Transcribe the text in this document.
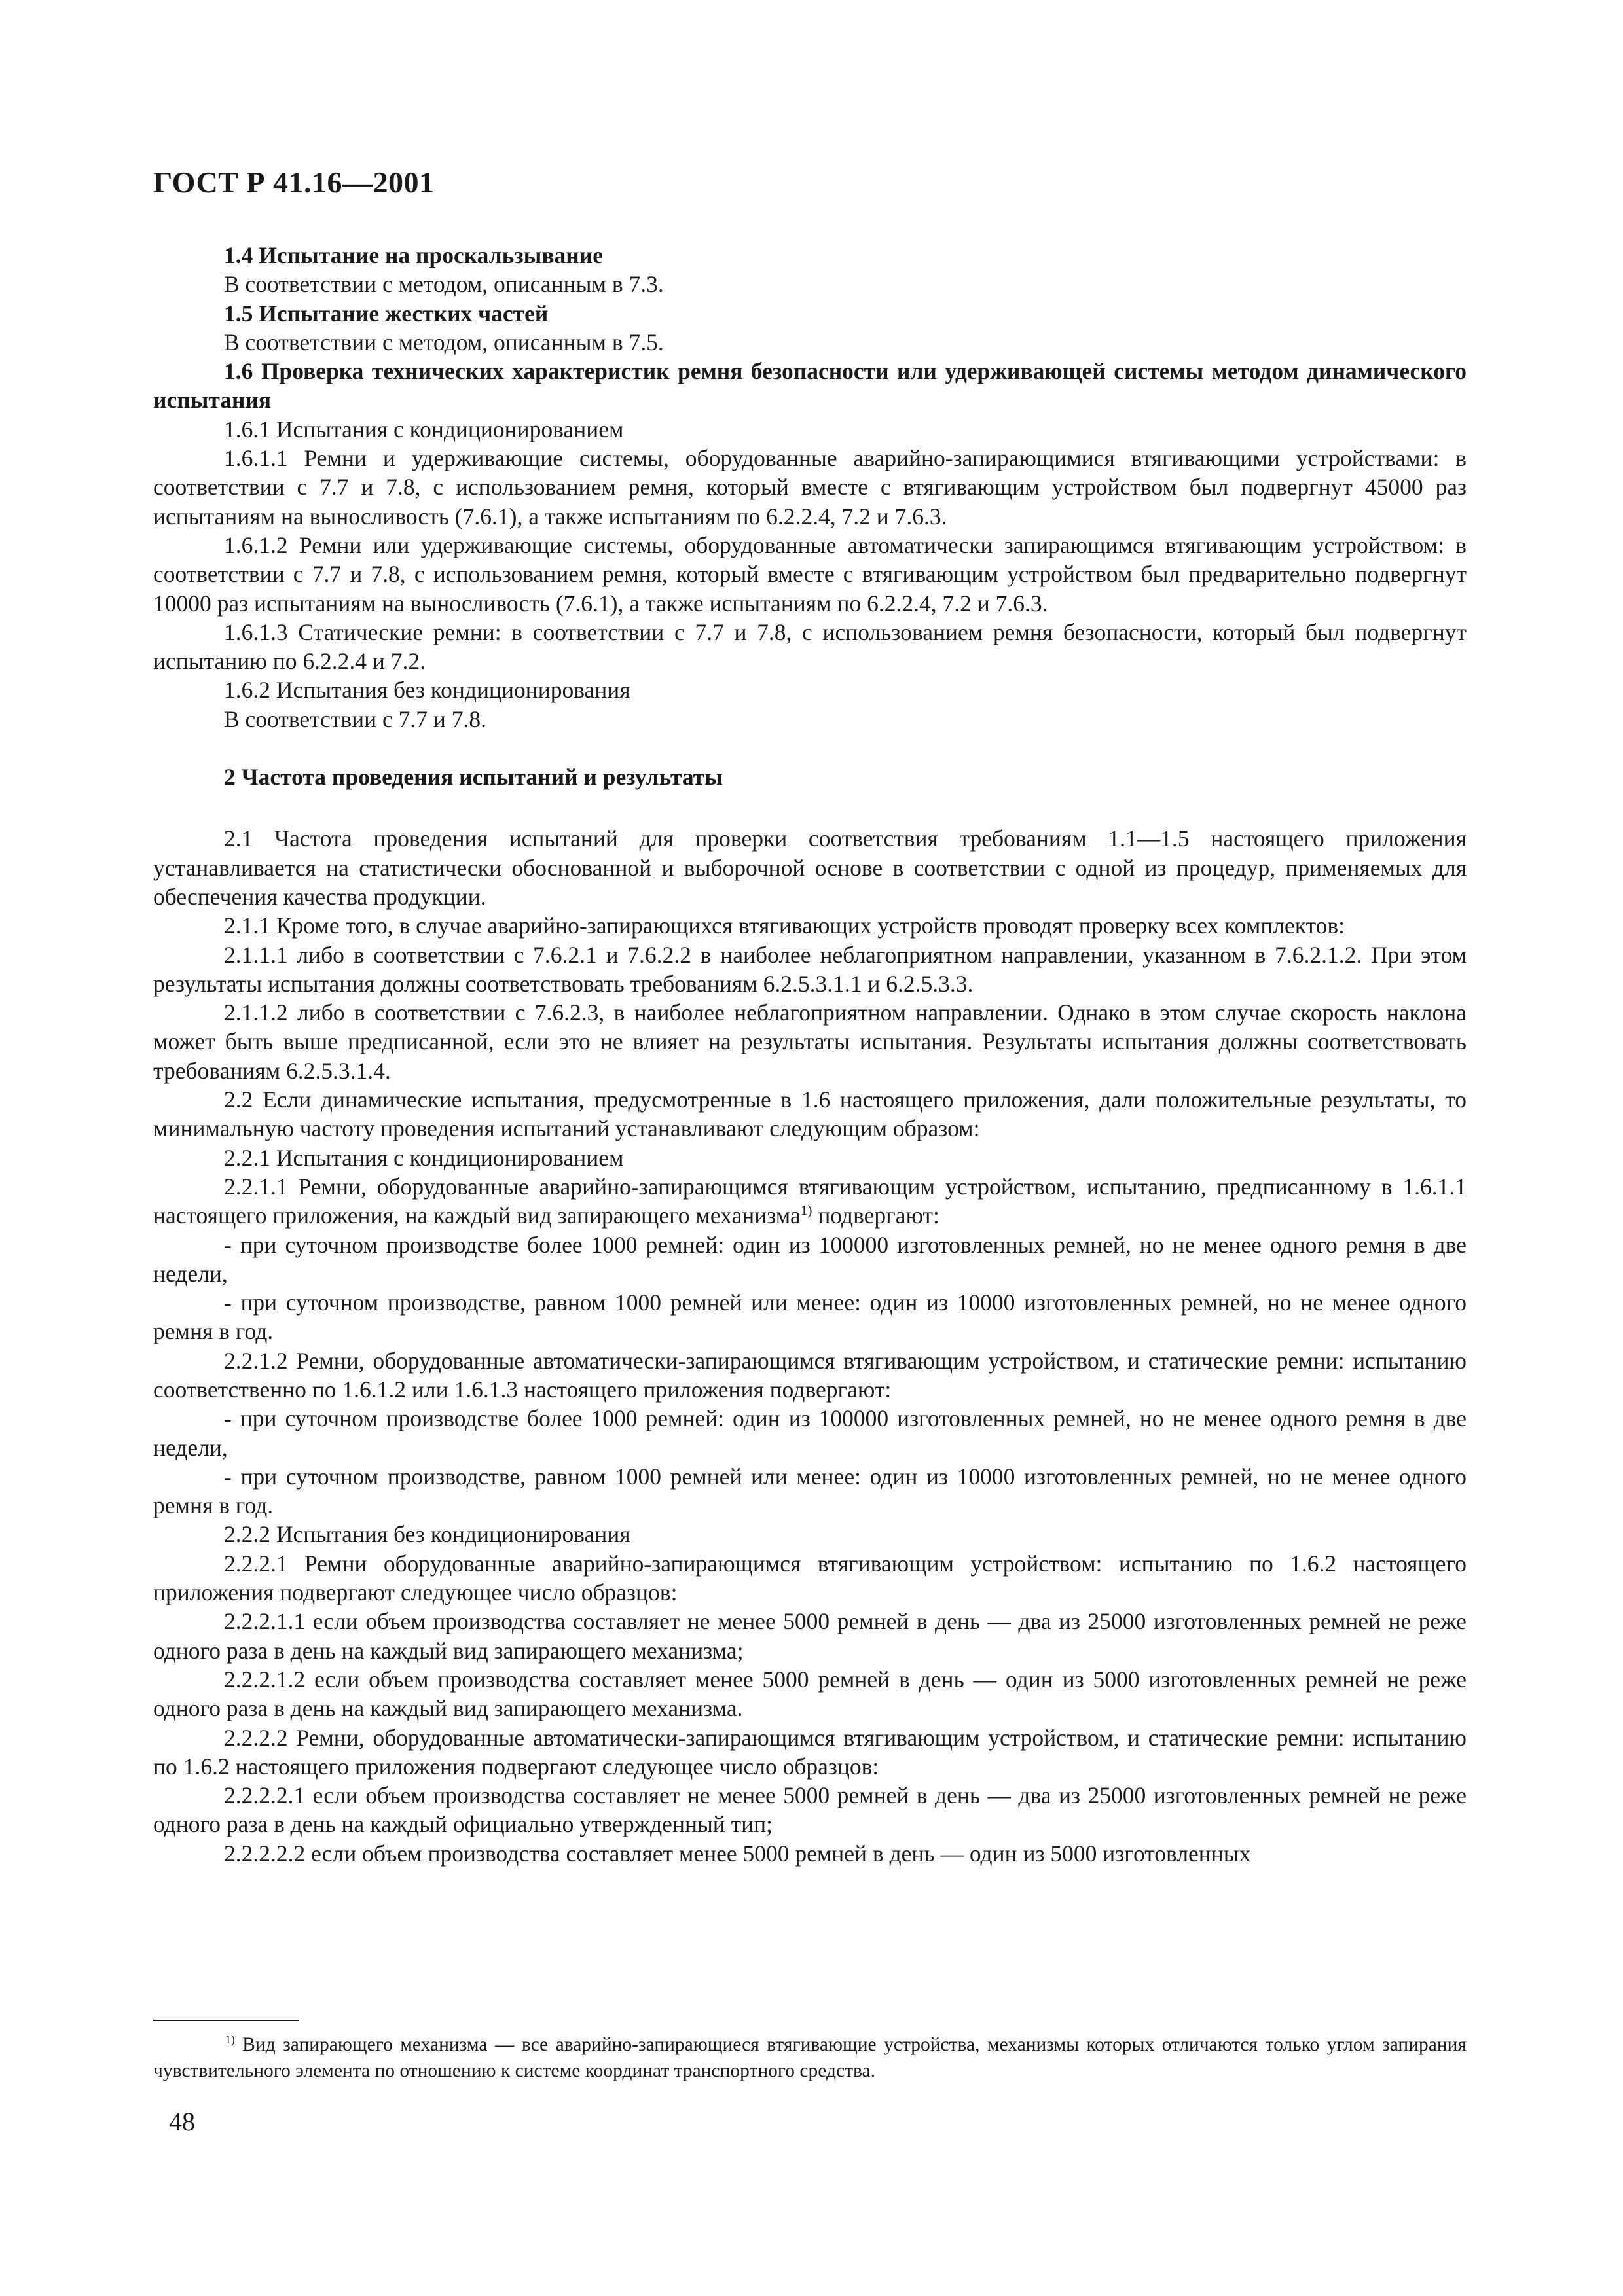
ГОСТ Р 41.16—2001

1.4 Испытание на проскальзывание

В соответствии с методом, описанным в 7.3.

1.5 Испытание жестких частей

В соответствии с методом, описанным в 7.5.

1.6 Проверка технических характеристик ремня безопасности или удерживающей системы методом динамического испытания

1.6.1 Испытания с кондиционированием

1.6.1.1 Ремни и удерживающие системы, оборудованные аварийно-запирающимися втягивающими устройствами: в соответствии с 7.7 и 7.8, с использованием ремня, который вместе с втягивающим устройством был подвергнут 45000 раз испытаниям на выносливость (7.6.1), а также испытаниям по 6.2.2.4, 7.2 и 7.6.3.

1.6.1.2 Ремни или удерживающие системы, оборудованные автоматически запирающимся втягивающим устройством: в соответствии с 7.7 и 7.8, с использованием ремня, который вместе с втягивающим устройством был предварительно подвергнут 10000 раз испытаниям на выносливость (7.6.1), а также испытаниям по 6.2.2.4, 7.2 и 7.6.3.

1.6.1.3 Статические ремни: в соответствии с 7.7 и 7.8, с использованием ремня безопасности, который был подвергнут испытанию по 6.2.2.4 и 7.2.

1.6.2 Испытания без кондиционирования

В соответствии с 7.7 и 7.8.

2 Частота проведения испытаний и результаты

2.1 Частота проведения испытаний для проверки соответствия требованиям 1.1—1.5 настоящего приложения устанавливается на статистически обоснованной и выборочной основе в соответствии с одной из процедур, применяемых для обеспечения качества продукции.

2.1.1 Кроме того, в случае аварийно-запирающихся втягивающих устройств проводят проверку всех комплектов:

2.1.1.1 либо в соответствии с 7.6.2.1 и 7.6.2.2 в наиболее неблагоприятном направлении, указанном в 7.6.2.1.2. При этом результаты испытания должны соответствовать требованиям 6.2.5.3.1.1 и 6.2.5.3.3.

2.1.1.2 либо в соответствии с 7.6.2.3, в наиболее неблагоприятном направлении. Однако в этом случае скорость наклона может быть выше предписанной, если это не влияет на результаты испытания. Результаты испытания должны соответствовать требованиям 6.2.5.3.1.4.

2.2 Если динамические испытания, предусмотренные в 1.6 настоящего приложения, дали положительные результаты, то минимальную частоту проведения испытаний устанавливают следующим образом:

2.2.1 Испытания с кондиционированием

2.2.1.1 Ремни, оборудованные аварийно-запирающимся втягивающим устройством, испытанию, предписанному в 1.6.1.1 настоящего приложения, на каждый вид запирающего механизма$^{1)}$ подвергают:

- при суточном производстве более 1000 ремней: один из 100000 изготовленных ремней, но не менее одного ремня в две недели,

- при суточном производстве, равном 1000 ремней или менее: один из 10000 изготовленных ремней, но не менее одного ремня в год.

2.2.1.2 Ремни, оборудованные автоматически-запирающимся втягивающим устройством, и статические ремни: испытанию соответственно по 1.6.1.2 или 1.6.1.3 настоящего приложения подвергают:

- при суточном производстве более 1000 ремней: один из 100000 изготовленных ремней, но не менее одного ремня в две недели,

- при суточном производстве, равном 1000 ремней или менее: один из 10000 изготовленных ремней, но не менее одного ремня в год.

2.2.2 Испытания без кондиционирования

2.2.2.1 Ремни оборудованные аварийно-запирающимся втягивающим устройством: испытанию по 1.6.2 настоящего приложения подвергают следующее число образцов:

2.2.2.1.1 если объем производства составляет не менее 5000 ремней в день — два из 25000 изготовленных ремней не реже одного раза в день на каждый вид запирающего механизма;

2.2.2.1.2 если объем производства составляет менее 5000 ремней в день — один из 5000 изготовленных ремней не реже одного раза в день на каждый вид запирающего механизма.

2.2.2.2 Ремни, оборудованные автоматически-запирающимся втягивающим устройством, и статические ремни: испытанию по 1.6.2 настоящего приложения подвергают следующее число образцов:

2.2.2.2.1 если объем производства составляет не менее 5000 ремней в день — два из 25000 изготовленных ремней не реже одного раза в день на каждый официально утвержденный тип;

2.2.2.2.2 если объем производства составляет менее 5000 ремней в день — один из 5000 изготовленных

$^{1)}$ Вид запирающего механизма — все аварийно-запирающиеся втягивающие устройства, механизмы которых отличаются только углом запирания чувствительного элемента по отношению к системе координат транспортного средства.
48
